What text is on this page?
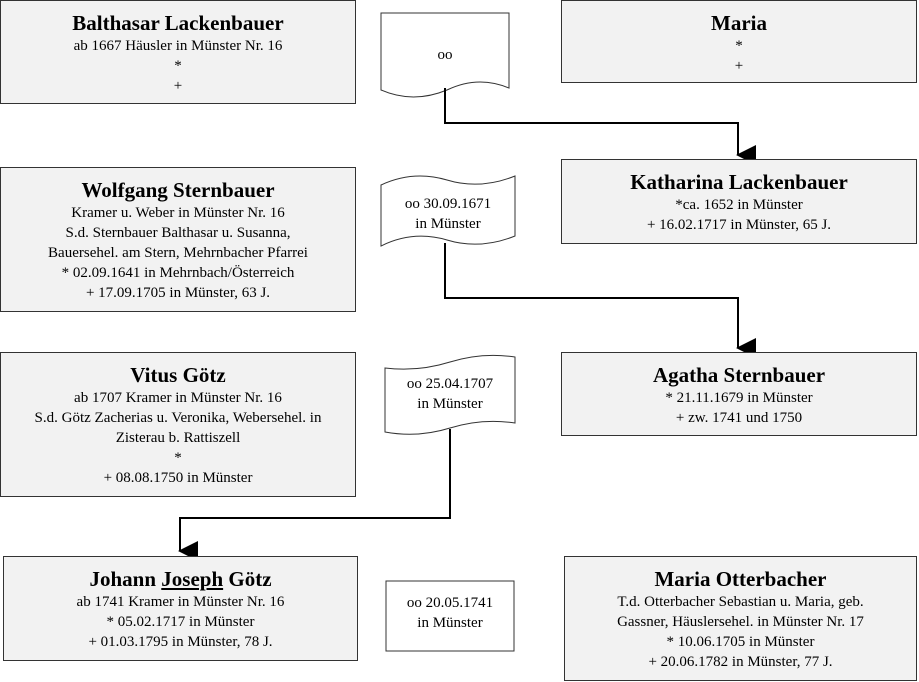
oo
oo 30.09.1671
in Münster
oo 25.04.1707
in Münster
oo 20.05.1741
in Münster
Balthasar Lackenbauer
ab 1667 Häusler in Münster Nr. 16
*
+
Maria
*
+
Wolfgang Sternbauer
Kramer u. Weber in Münster Nr. 16
S.d. Sternbauer Balthasar u. Susanna,
Bauersehel. am Stern, Mehrnbacher Pfarrei
* 02.09.1641 in Mehrnbach/Österreich
+ 17.09.1705 in Münster, 63 J.
Katharina Lackenbauer
*ca. 1652 in Münster
+ 16.02.1717 in Münster, 65 J.
Vitus Götz
ab 1707 Kramer in Münster Nr. 16
S.d. Götz Zacherias u. Veronika, Webersehel. in
Zisterau b. Rattiszell
*
+ 08.08.1750 in Münster
Agatha Sternbauer
* 21.11.1679 in Münster
+ zw. 1741 und 1750
Johann Joseph Götz
ab 1741 Kramer in Münster Nr. 16
* 05.02.1717 in Münster
+ 01.03.1795 in Münster, 78 J.
Maria Otterbacher
T.d. Otterbacher Sebastian u. Maria, geb.
Gassner, Häuslersehel. in Münster Nr. 17
* 10.06.1705 in Münster
+ 20.06.1782 in Münster, 77 J.
